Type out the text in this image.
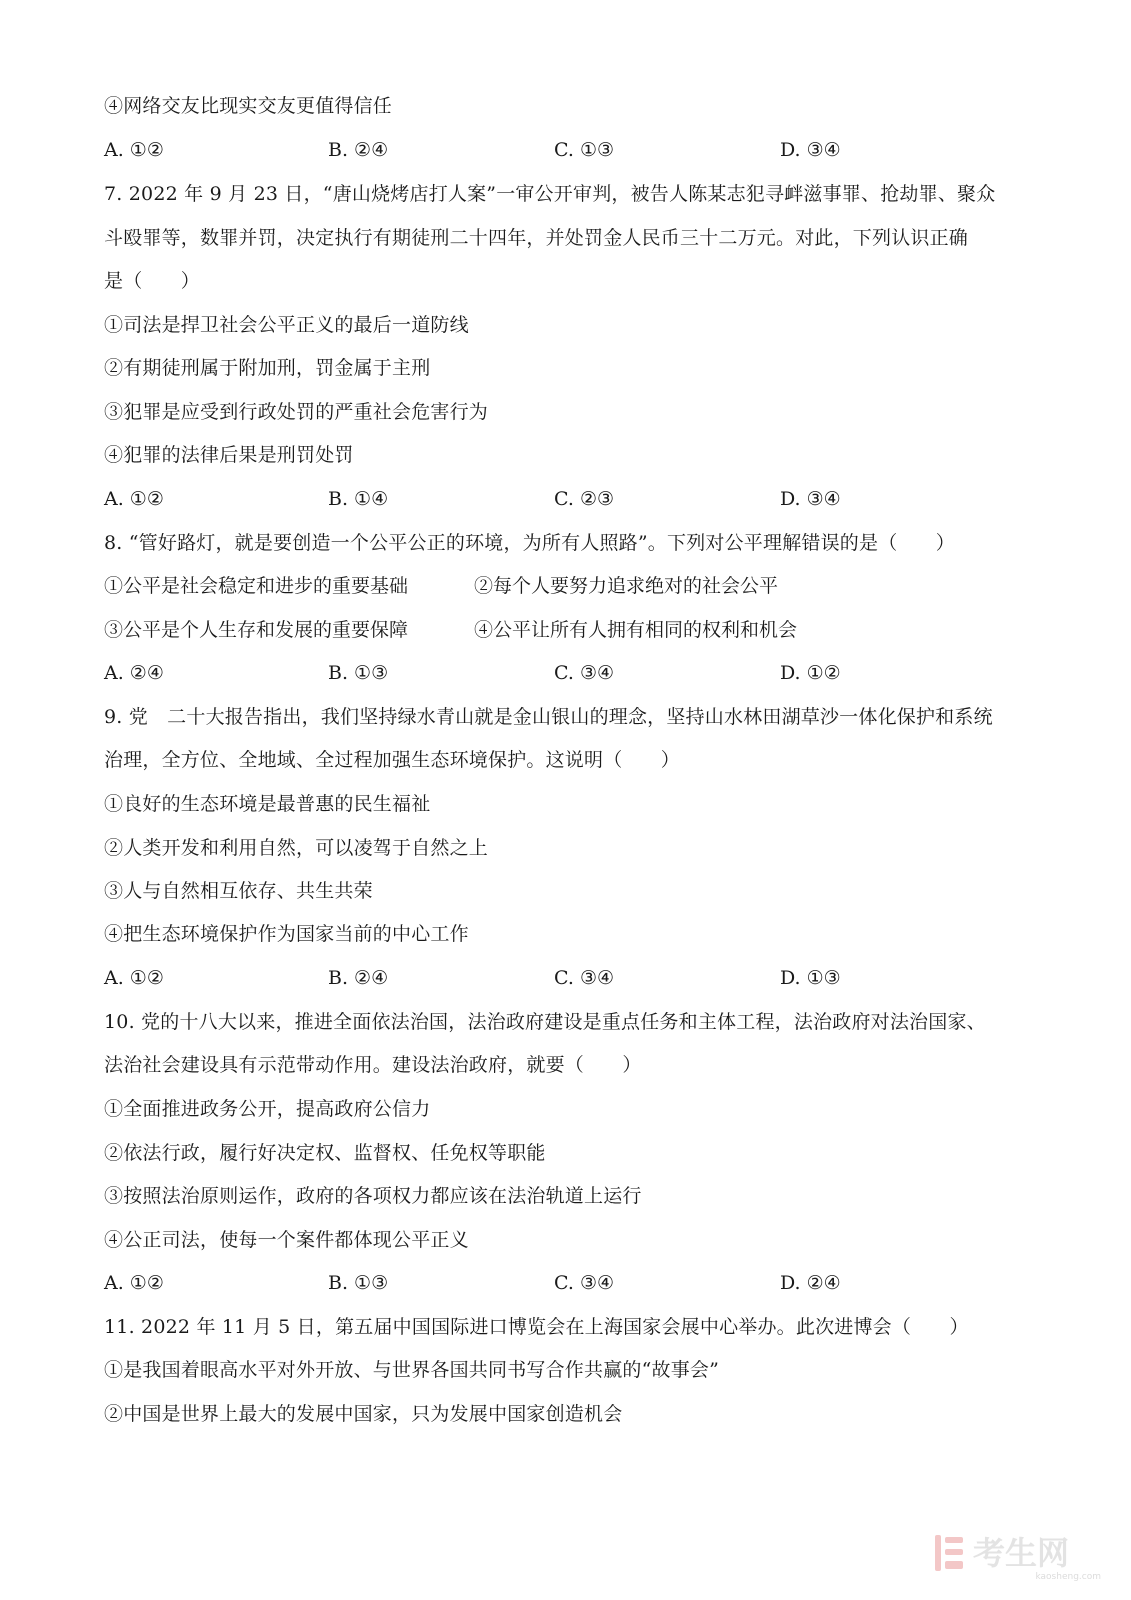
④网络交友比现实交友更值得信任
A. ①②	B. ②④	C. ①③	D. ③④
7. 2022 年 9 月 23 日，“唐山烧烤店打人案”一审公开审判，被告人陈某志犯寻衅滋事罪、抢劫罪、聚众
斗殴罪等，数罪并罚，决定执行有期徒刑二十四年，并处罚金人民币三十二万元。对此，下列认识正确
是（　　）
①司法是捍卫社会公平正义的最后一道防线
②有期徒刑属于附加刑，罚金属于主刑
③犯罪是应受到行政处罚的严重社会危害行为
④犯罪的法律后果是刑罚处罚
A. ①②	B. ①④	C. ②③	D. ③④
8. “管好路灯，就是要创造一个公平公正的环境，为所有人照路”。下列对公平理解错误的是（　　）
①公平是社会稳定和进步的重要基础	②每个人要努力追求绝对的社会公平
③公平是个人生存和发展的重要保障	④公平让所有人拥有相同的权利和机会
A. ②④	B. ①③	C. ③④	D. ①②
9. 党　二十大报告指出，我们坚持绿水青山就是金山银山的理念，坚持山水林田湖草沙一体化保护和系统
治理，全方位、全地域、全过程加强生态环境保护。这说明（　　）
①良好的生态环境是最普惠的民生福祉
②人类开发和利用自然，可以凌驾于自然之上
③人与自然相互依存、共生共荣
④把生态环境保护作为国家当前的中心工作
A. ①②	B. ②④	C. ③④	D. ①③
10. 党的十八大以来，推进全面依法治国，法治政府建设是重点任务和主体工程，法治政府对法治国家、
法治社会建设具有示范带动作用。建设法治政府，就要（　　）
①全面推进政务公开，提高政府公信力
②依法行政，履行好决定权、监督权、任免权等职能
③按照法治原则运作，政府的各项权力都应该在法治轨道上运行
④公正司法，使每一个案件都体现公平正义
A. ①②	B. ①③	C. ③④	D. ②④
11. 2022 年 11 月 5 日，第五届中国国际进口博览会在上海国家会展中心举办。此次进博会（　　）
①是我国着眼高水平对外开放、与世界各国共同书写合作共赢的“故事会”
②中国是世界上最大的发展中国家，只为发展中国家创造机会
考生网
kaosheng.com
